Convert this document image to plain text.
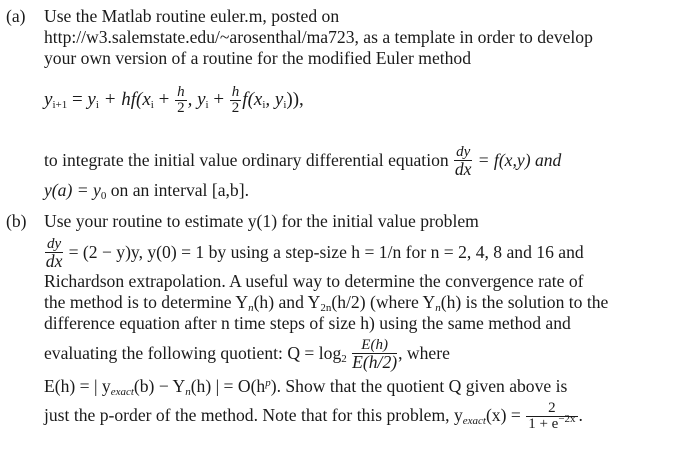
(a) Use the Matlab routine euler.m, posted on
http://w3.salemstate.edu/~arosenthal/ma723, as a template in order to develop
your own version of a routine for the modified Euler method
$y_{i+1} = y_i + hf(x_i + \frac{h}{2}$ , $y_i + \frac{h}{2} f(x_i$, $y_i$)),
to integrate the initial value ordinary differential equation $\frac{dy}{dx} = f(x,y)$ and
$y(a) = y_0$ on an interval [a,b].
(b) Use your routine to estimate y(1) for the initial value problem
$\frac{dy}{dx} = (2 - y)y$, y(0) = 1 by using a step-size h = 1/n for n = 2, 4, 8 and 16 and
Richardson extrapolation. A useful way to determine the convergence rate of
the method is to determine $Y_n(h)$ and $Y_{2n}(h/2)$ (where $Y_n(h)$ is the solution to the
difference equation after n time steps of size h) using the same method and
evaluating the following quotient: $Q = \log_2 \frac{E(h)}{E(h/2)}$, where
E(h) = | $y_{exact}(b) - Y_n(h)$ | = $O(h^p)$. Show that the quotient Q given above is
just the p-order of the method. Note that for this problem, $y_{exact}(x) = \frac{2}{1 + e^{-2x}}$ .
